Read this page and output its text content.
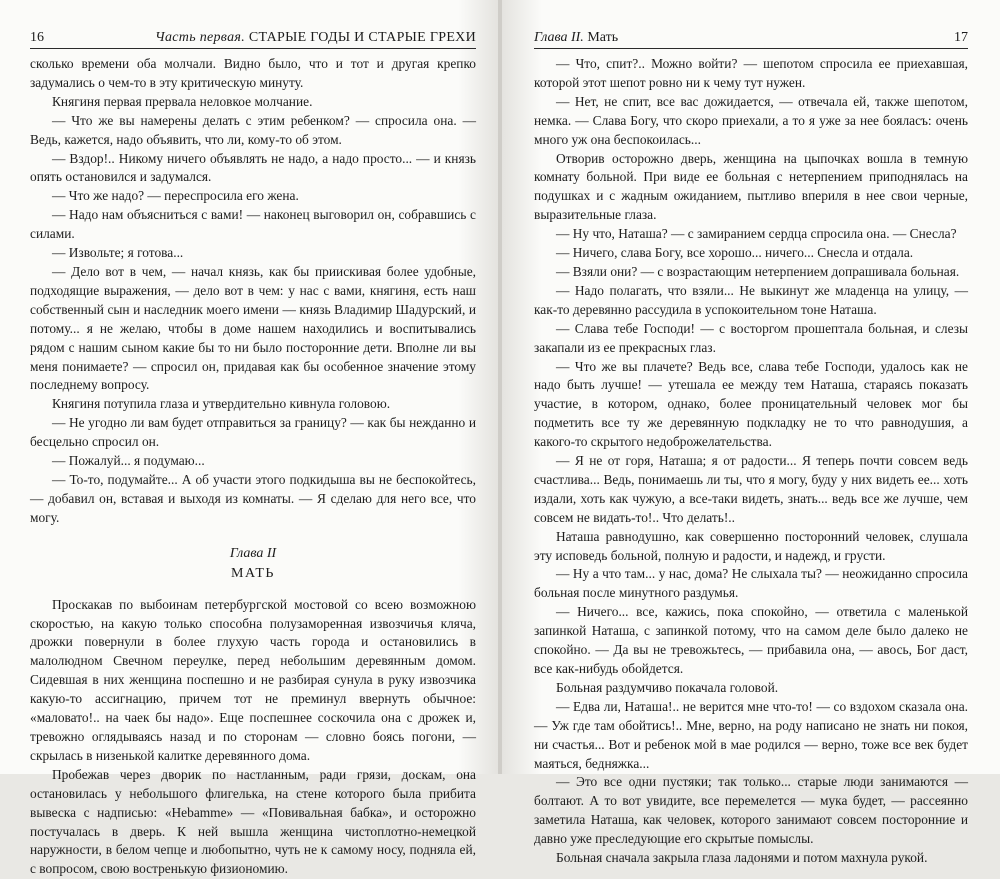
16	Часть первая. СТАРЫЕ ГОДЫ И СТАРЫЕ ГРЕХИ

сколько времени оба молчали. Видно было, что и тот и другая крепко задумались о чем-то в эту критическую минуту.

Княгиня первая прервала неловкое молчание.

— Что же вы намерены делать с этим ребенком? — спросила она. — Ведь, кажется, надо объявить, что ли, кому-то об этом.

— Вздор!.. Никому ничего объявлять не надо, а надо просто... — и князь опять остановился и задумался.

— Что же надо? — переспросила его жена.

— Надо нам объясниться с вами! — наконец выговорил он, собравшись с силами.

— Извольте; я готова...

— Дело вот в чем, — начал князь, как бы приискивая более удобные, подходящие выражения, — дело вот в чем: у нас с вами, княгиня, есть наш собственный сын и наследник моего имени — князь Владимир Шадурский, и потому... я не желаю, чтобы в доме нашем находились и воспитывались рядом с нашим сыном какие бы то ни было посторонние дети. Вполне ли вы меня понимаете? — спросил он, придавая как бы особенное значение этому последнему вопросу.

Княгиня потупила глаза и утвердительно кивнула головою.

— Не угодно ли вам будет отправиться за границу? — как бы нежданно и бесцельно спросил он.

— Пожалуй... я подумаю...

— То-то, подумайте... А об участи этого подкидыша вы не беспокойтесь, — добавил он, вставая и выходя из комнаты. — Я сделаю для него все, что могу.

Глава II
МАТЬ

Проскакав по выбоинам петербургской мостовой со всею возможною скоростью, на какую только способна полузаморенная извозчичья кляча, дрожки повернули в более глухую часть города и остановились в малолюдном Свечном переулке, перед небольшим деревянным домом. Сидевшая в них женщина поспешно и не разбирая сунула в руку извозчика какую-то ассигнацию, причем тот не преминул ввернуть обычное: «маловато!.. на чаек бы надо». Еще поспешнее соскочила она с дрожек и, тревожно оглядываясь назад и по сторонам — словно боясь погони, — скрылась в низенькой калитке деревянного дома.

Пробежав через дворик по настланным, ради грязи, доскам, она остановилась у небольшого флигелька, на стене которого была прибита вывеска с надписью: «Hebamme» — «Повивальная бабка», и осторожно постучалась в дверь. К ней вышла женщина чистоплотно-немецкой наружности, в белом чепце и любопытно, чуть не к самому носу, подняла ей, с вопросом, свою востренькую физиономию.

Глава II. Мать	17

— Что, спит?.. Можно войти? — шепотом спросила ее приехавшая, которой этот шепот ровно ни к чему тут нужен.

— Нет, не спит, все вас дожидается, — отвечала ей, также шепотом, немка. — Слава Богу, что скоро приехали, а то я уже за нее бояласъ: очень много уж она беспокоилась...

Отворив осторожно дверь, женщина на цыпочках вошла в темную комнату больной. При виде ее больная с нетерпением приподнялась на подушках и с жадным ожиданием, пытливо впериля в нее свои черные, выразительные глаза.

— Ну что, Наташа? — с замиранием сердца спросила она. — Снесла?

— Ничего, слава Богу, все хорошо... ничего... Снесла и отдала.

— Взяли они? — с возрастающим нетерпением допрашивала больная.

— Надо полагать, что взяли... Не выкинут же младенца на улицу, — как-то деревянно рассудила в успокоительном тоне Наташа.

— Слава тебе Господи! — с восторгом прошептала больная, и слезы закапали из ее прекрасных глаз.

— Что же вы плачете? Ведь все, слава тебе Господи, удалось как не надо быть лучше! — утешала ее между тем Наташа, стараясь показать участие, в котором, однако, более проницательный человек мог бы подметить все ту же деревянную подкладку не то что равнодушия, а какого-то скрытого недоброжелательства.

— Я не от горя, Наташа; я от радости... Я теперь почти совсем ведь счастлива... Ведь, понимаешь ли ты, что я могу, буду у них видеть ее... хоть издали, хоть как чужую, а все-таки видеть, знать... ведь все же лучше, чем совсем не видать-то!.. Что делать!..

Наташа равнодушно, как совершенно посторонний человек, слушала эту исповедь больной, полную и радости, и надежд, и грусти.

— Ну а что там... у нас, дома? Не слыхала ты? — неожиданно спросила больная после минутного раздумья.

— Ничего... все, кажись, пока спокойно, — ответила с маленькой запинкой Наташа, с запинкой потому, что на самом деле было далеко не спокойно. — Да вы не тревожьтесь, — прибавила она, — авось, Бог даст, все как-нибудь обойдется.

Больная раздумчиво покачала головой.

— Едва ли, Наташа!.. не верится мне что-то! — со вздохом сказала она. — Уж где там обойтись!.. Мне, верно, на роду написано не знать ни покоя, ни счастья... Вот и ребенок мой в мае родился — верно, тоже все век будет маяться, бедняжка...

— Это все одни пустяки; так только... старые люди занимаются — болтают. А то вот увидите, все перемелется — мука будет, — рассеянно заметила Наташа, как человек, которого занимают совсем посторонние и давно уже преследующие его скрытые помыслы.

Больная сначала закрыла глаза ладонями и потом махнула рукой.
